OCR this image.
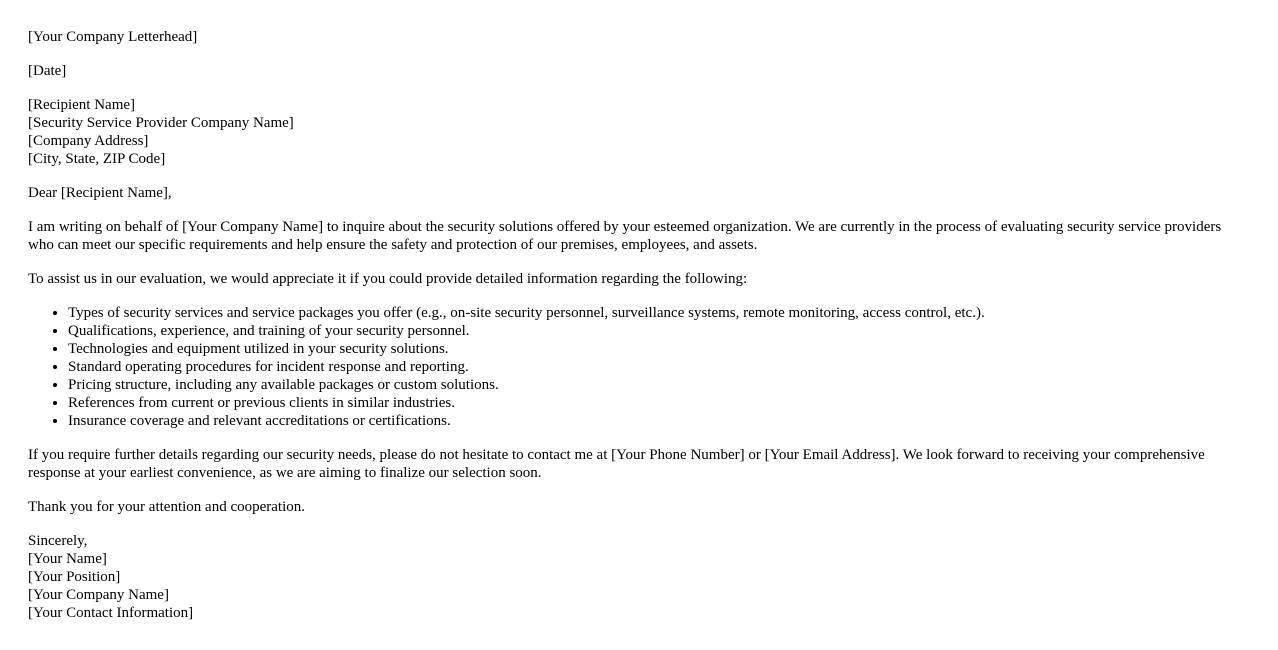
[Your Company Letterhead]

[Date]

[Recipient Name]
[Security Service Provider Company Name]
[Company Address]
[City, State, ZIP Code]

Dear [Recipient Name],

I am writing on behalf of [Your Company Name] to inquire about the security solutions offered by your esteemed organization. We are currently in the process of evaluating security service providers who can meet our specific requirements and help ensure the safety and protection of our premises, employees, and assets.

To assist us in our evaluation, we would appreciate it if you could provide detailed information regarding the following:

• Types of security services and service packages you offer (e.g., on-site security personnel, surveillance systems, remote monitoring, access control, etc.).
• Qualifications, experience, and training of your security personnel.
• Technologies and equipment utilized in your security solutions.
• Standard operating procedures for incident response and reporting.
• Pricing structure, including any available packages or custom solutions.
• References from current or previous clients in similar industries.
• Insurance coverage and relevant accreditations or certifications.

If you require further details regarding our security needs, please do not hesitate to contact me at [Your Phone Number] or [Your Email Address]. We look forward to receiving your comprehensive response at your earliest convenience, as we are aiming to finalize our selection soon.

Thank you for your attention and cooperation.

Sincerely,
[Your Name]
[Your Position]
[Your Company Name]
[Your Contact Information]
